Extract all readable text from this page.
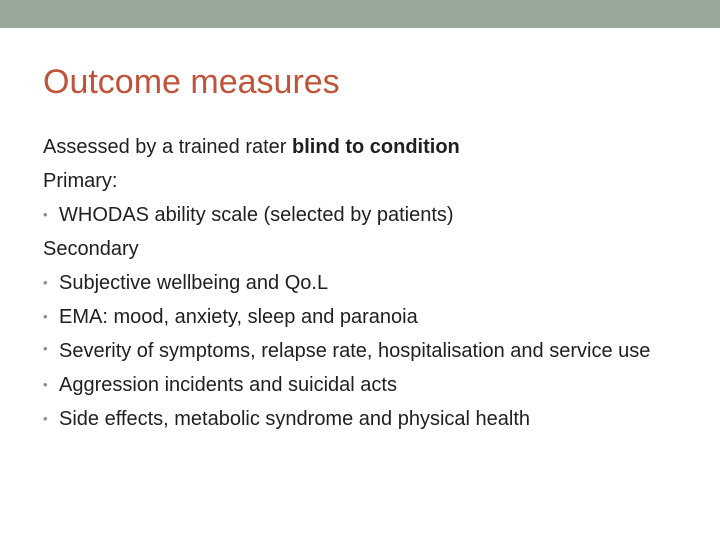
Outcome measures
Assessed by a trained rater blind to condition
Primary:
• WHODAS ability scale (selected by patients)
Secondary
• Subjective wellbeing and Qo.L
• EMA: mood, anxiety, sleep and paranoia
• Severity of symptoms, relapse rate, hospitalisation and service use
• Aggression incidents and suicidal acts
• Side effects, metabolic syndrome and physical health
